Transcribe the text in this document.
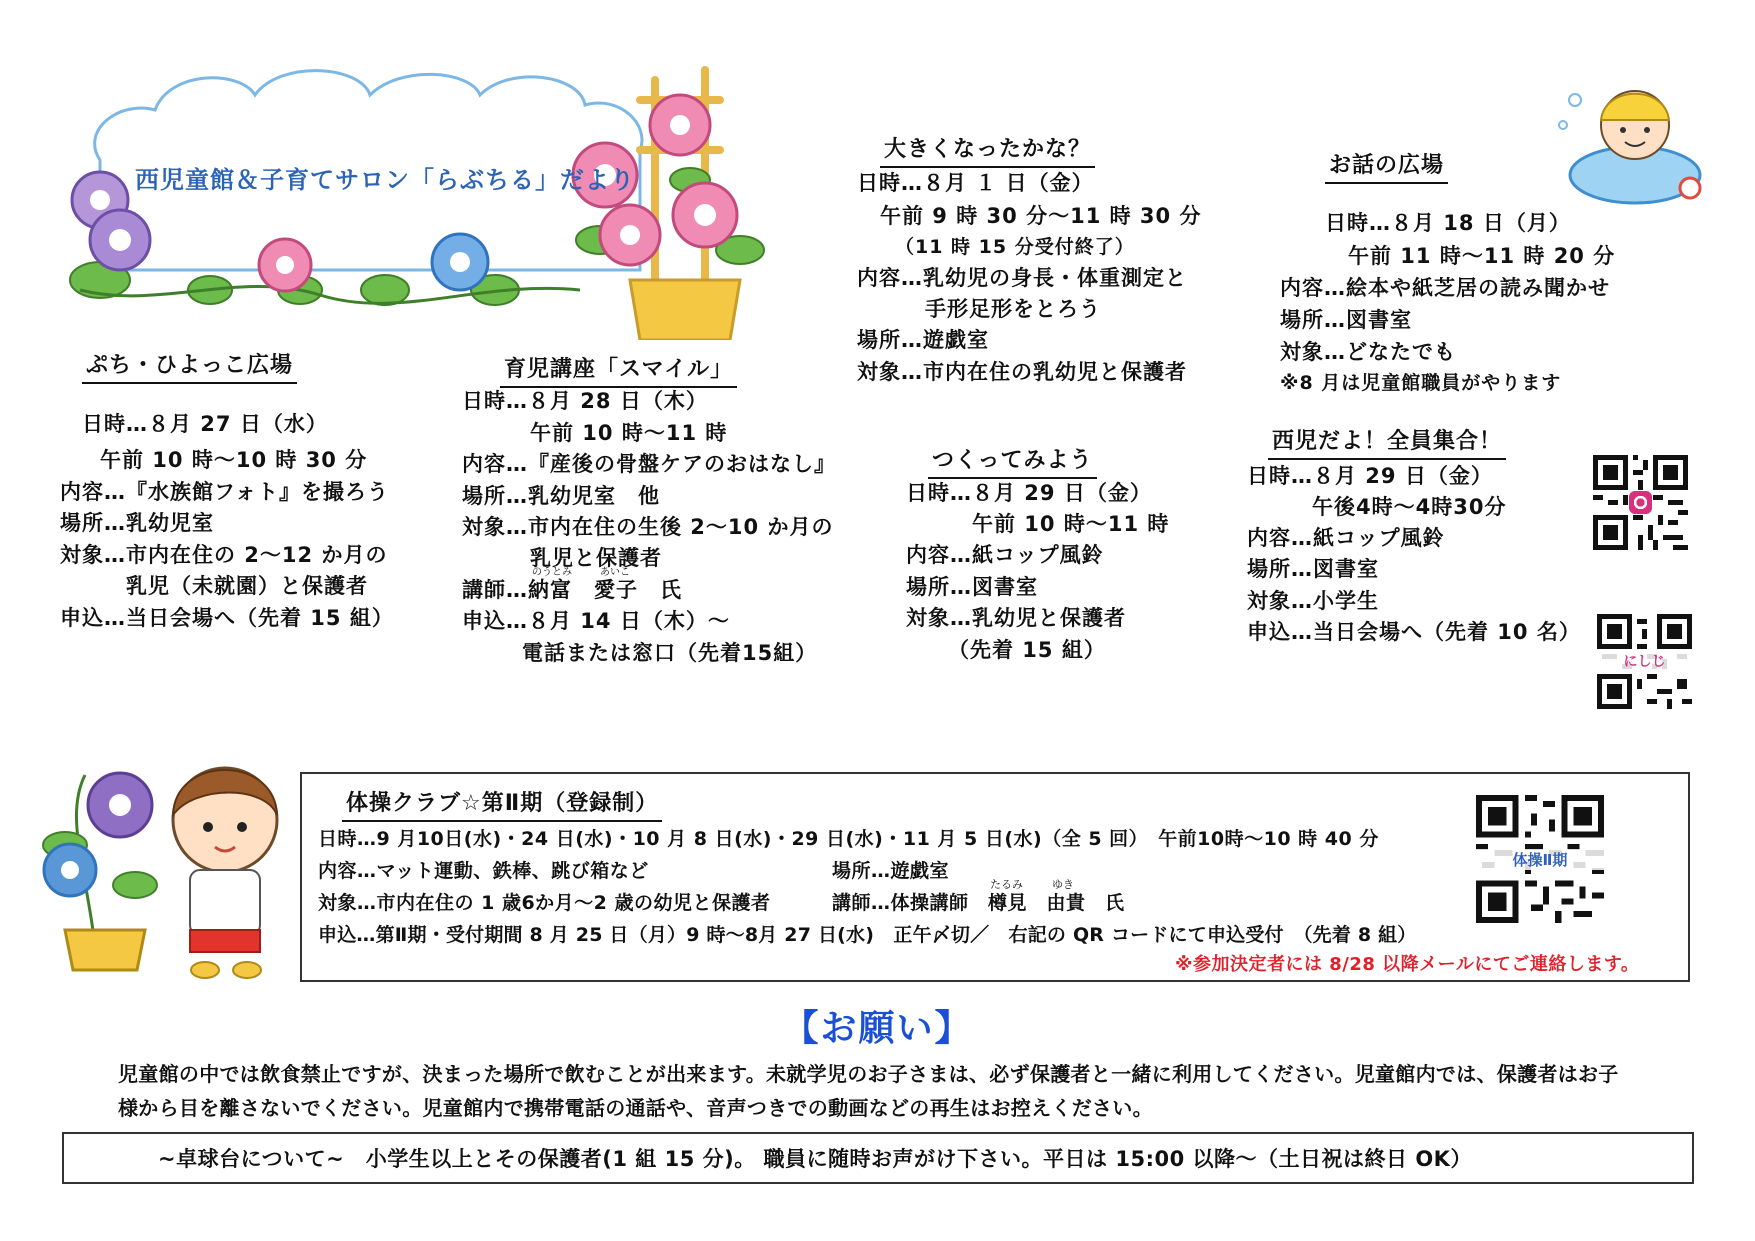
西児童館＆子育てサロン「らぶちる」だより
ぷち・ひよっこ広場
日時…８月 27 日（水）
午前 10 時～10 時 30 分
内容…『水族館フォト』を撮ろう
場所…乳幼児室
対象…市内在住の 2～12 か月の
乳児（未就園）と保護者
申込…当日会場へ（先着 15 組）
育児講座「スマイル」
日時…８月 28 日（木）
午前 10 時～11 時
内容…『産後の骨盤ケアのおはなし』
場所…乳幼児室　他
対象…市内在住の生後 2～10 か月の
乳児と保護者
のうとみ	あいこ
講師…納富　愛子　氏
申込…８月 14 日（木）～
電話または窓口（先着15組）
大きくなったかな？
日時…８月 １ 日（金）
午前 9 時 30 分～11 時 30 分
（11 時 15 分受付終了）
内容…乳幼児の身長・体重測定と
手形足形をとろう
場所…遊戯室
対象…市内在住の乳幼児と保護者
つくってみよう
日時…８月 29 日（金）
午前 10 時～11 時
内容…紙コップ風鈴
場所…図書室
対象…乳幼児と保護者
（先着 15 組）
お話の広場
日時…８月 18 日（月）
午前 11 時～11 時 20 分
内容…絵本や紙芝居の読み聞かせ
場所…図書室
対象…どなたでも
※8 月は児童館職員がやります
西児だよ！全員集合！
日時…８月 29 日（金）
午後4時～4時30分
内容…紙コップ風鈴
場所…図書室
対象…小学生
申込…当日会場へ（先着 10 名）
にしじ
体操クラブ☆第Ⅱ期（登録制）
日時…9 月10日(水)・24 日(水)・10 月 8 日(水)・29 日(水)・11 月 5 日(水)（全 5 回）　午前10時～10 時 40 分
内容…マット運動、鉄棒、跳び箱など	場所…遊戯室
対象…市内在住の 1 歳6か月～2 歳の幼児と保護者
たるみ	ゆき
講師…体操講師　樽見　由貴　氏
申込…第Ⅱ期・受付期間 8 月 25 日（月）9 時～8月 27 日(水)　正午〆切／　右記の QR コードにて申込受付　（先着 8 組）
※参加決定者には 8/28 以降メールにてご連絡します。
体操Ⅱ期
【お願い】
児童館の中では飲食禁止ですが、決まった場所で飲むことが出来ます。未就学児のお子さまは、必ず保護者と一緒に利用してください。児童館内では、保護者はお子
様から目を離さないでください。児童館内で携帯電話の通話や、音声つきでの動画などの再生はお控えください。
~卓球台について~　小学生以上とその保護者(1 組 15 分)。 職員に随時お声がけ下さい。平日は 15:00 以降～（土日祝は終日 OK）
